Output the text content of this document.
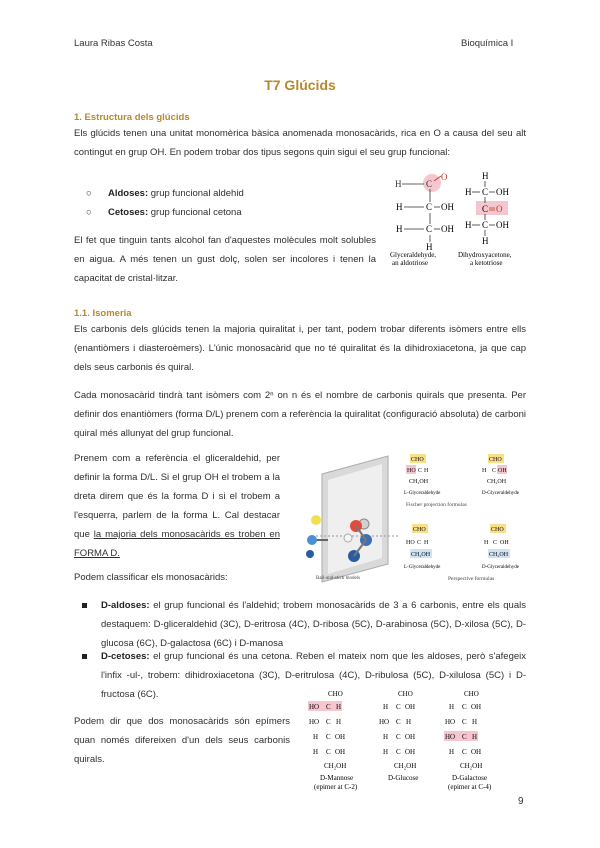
Laura Ribas Costa	Bioquímica I
T7 Glúcids
1. Estructura dels glúcids
Els glúcids tenen una unitat monomèrica bàsica anomenada monosacàrids, rica en O a causa del seu alt contingut en grup OH. En podem trobar dos tipus segons quin sigui el seu grup funcional:
○ Aldoses: grup funcional aldehid
○ Cetoses: grup funcional cetona
El fet que tinguin tants alcohol fan d'aquestes molècules molt solubles en aigua. A més tenen un gust dolç, solen ser incolores i tenen la capacitat de cristal·litzar.
H	C
O
H	C OH
H	C OH
H
Glyceraldehyde,
an aldotriose
H
H C OH
C O
H C OH
H
Dihydroxyacetone,
a ketotriose
1.1. Isomeria
Els carbonis dels glúcids tenen la majoria quiralitat i, per tant, podem trobar diferents isòmers entre ells (enantiòmers i diasteroèmers). L'únic monosacàrid que no té quiralitat és la dihidroxiacetona, ja que cap dels seus carbonis és quiral.
Cada monosacàrid tindrà tant isòmers com 2ⁿ on n és el nombre de carbonis quirals que presenta. Per definir dos enantiòmers (forma D/L) prenem com a referència la quiralitat (configuració absoluta) de carboni quiral més allunyat del grup funcional.
Prenem com a referència el gliceraldehid, per definir la forma D/L. Si el grup OH el trobem a la dreta direm que és la forma D i si el trobem a l'esquerra, parlem de la forma L. Cal destacar que la majoria dels monosacàrids es troben en FORMA D.
Ball-and-stick models
CHO
HO C H
CH₂OH
L-Glyceraldehyde
CHO
H C OH
CH₂OH
D-Glyceraldehyde
Fischer projection formulas
CHO
HO C H
CH₂OH
L-Glyceraldehyde
CHO
H C OH
CH₂OH
D-Glyceraldehyde
Perspective formulas
Podem classificar els monosacàrids:
D-aldoses: el grup funcional és l'aldehid; trobem monosacàrids de 3 a 6 carbonis, entre els quals destaquem: D-gliceraldehid (3C), D-eritrosa (4C), D-ribosa (5C), D-arabinosa (5C), D-xilosa (5C), D-glucosa (6C), D-galactosa (6C) i D-manosa
D-cetoses: el grup funcional és una cetona. Reben el mateix nom que les aldoses, però s'afegeix l'infix -ul-, trobem: dihidroxiacetona (3C), D-eritrulosa (4C), D-ribulosa (5C), D-xilulosa (5C) i D-fructosa (6C).
Podem dir que dos monosacàrids són epímers quan només difereixen d'un dels seus carbonis quirals.
CHO
HO C H
HO C H
H C OH
H C OH
CH₂OH
D-Mannose
(epimer at C-2)
CHO
H C OH
HO C H
H C OH
H C OH
CH₂OH
D-Glucose
CHO
H C OH
HO C H
HO C H
H C OH
CH₂OH
D-Galactose
(epimer at C-4)
9
